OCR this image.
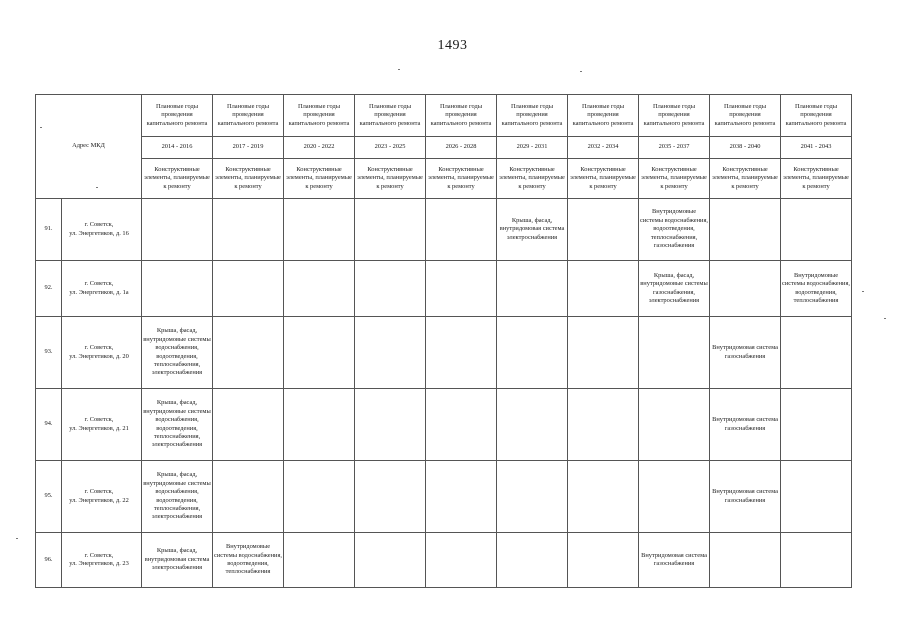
1493
Адрес МКД		Плановые годы проведения капитального ремонта	Плановые годы проведения капитального ремонта	Плановые годы проведения капитального ремонта	Плановые годы проведения капитального ремонта	Плановые годы проведения капитального ремонта	Плановые годы проведения капитального ремонта	Плановые годы проведения капитального ремонта	Плановые годы проведения капитального ремонта	Плановые годы проведения капитального ремонта	Плановые годы проведения капитального ремонта
		2014 - 2016	2017 - 2019	2020 - 2022	2023 - 2025	2026 - 2028	2029 - 2031	2032 - 2034	2035 - 2037	2038 - 2040	2041 - 2043
		Конструктивные элементы, планируемые к ремонту	Конструктивные элементы, планируемые к ремонту	Конструктивные элементы, планируемые к ремонту	Конструктивные элементы, планируемые к ремонту	Конструктивные элементы, планируемые к ремонту	Конструктивные элементы, планируемые к ремонту	Конструктивные элементы, планируемые к ремонту	Конструктивные элементы, планируемые к ремонту	Конструктивные элементы, планируемые к ремонту	Конструктивные элементы, планируемые к ремонту
91.	г. Советск,
ул. Энергетиков, д. 16						Крыша, фасад, внутридомовая система электроснабжения		Внутридомовые системы водоснабжения, водоотведения, теплоснабжения, газоснабжения		
92.	г. Советск,
ул. Энергетиков, д. 1а								Крыша, фасад, внутридомовые системы газоснабжения, электроснабжения		Внутридомовые системы водоснабжения, водоотведения, теплоснабжения
93.	г. Советск,
ул. Энергетиков, д. 20	Крыша, фасад, внутридомовые системы водоснабжения, водоотведения, теплоснабжения, электроснабжения								Внутридомовая система газоснабжения	
94.	г. Советск,
ул. Энергетиков, д. 21	Крыша, фасад, внутридомовые системы водоснабжения, водоотведения, теплоснабжения, электроснабжения								Внутридомовая система газоснабжения	
95.	г. Советск,
ул. Энергетиков, д. 22	Крыша, фасад, внутридомовые системы водоснабжения, водоотведения, теплоснабжения, электроснабжения								Внутридомовая система газоснабжения	
96.	г. Советск,
ул. Энергетиков, д. 23	Крыша, фасад, внутридомовая система электроснабжения	Внутридомовые системы водоснабжения, водоотведения, теплоснабжения						Внутридомовая система газоснабжения		
